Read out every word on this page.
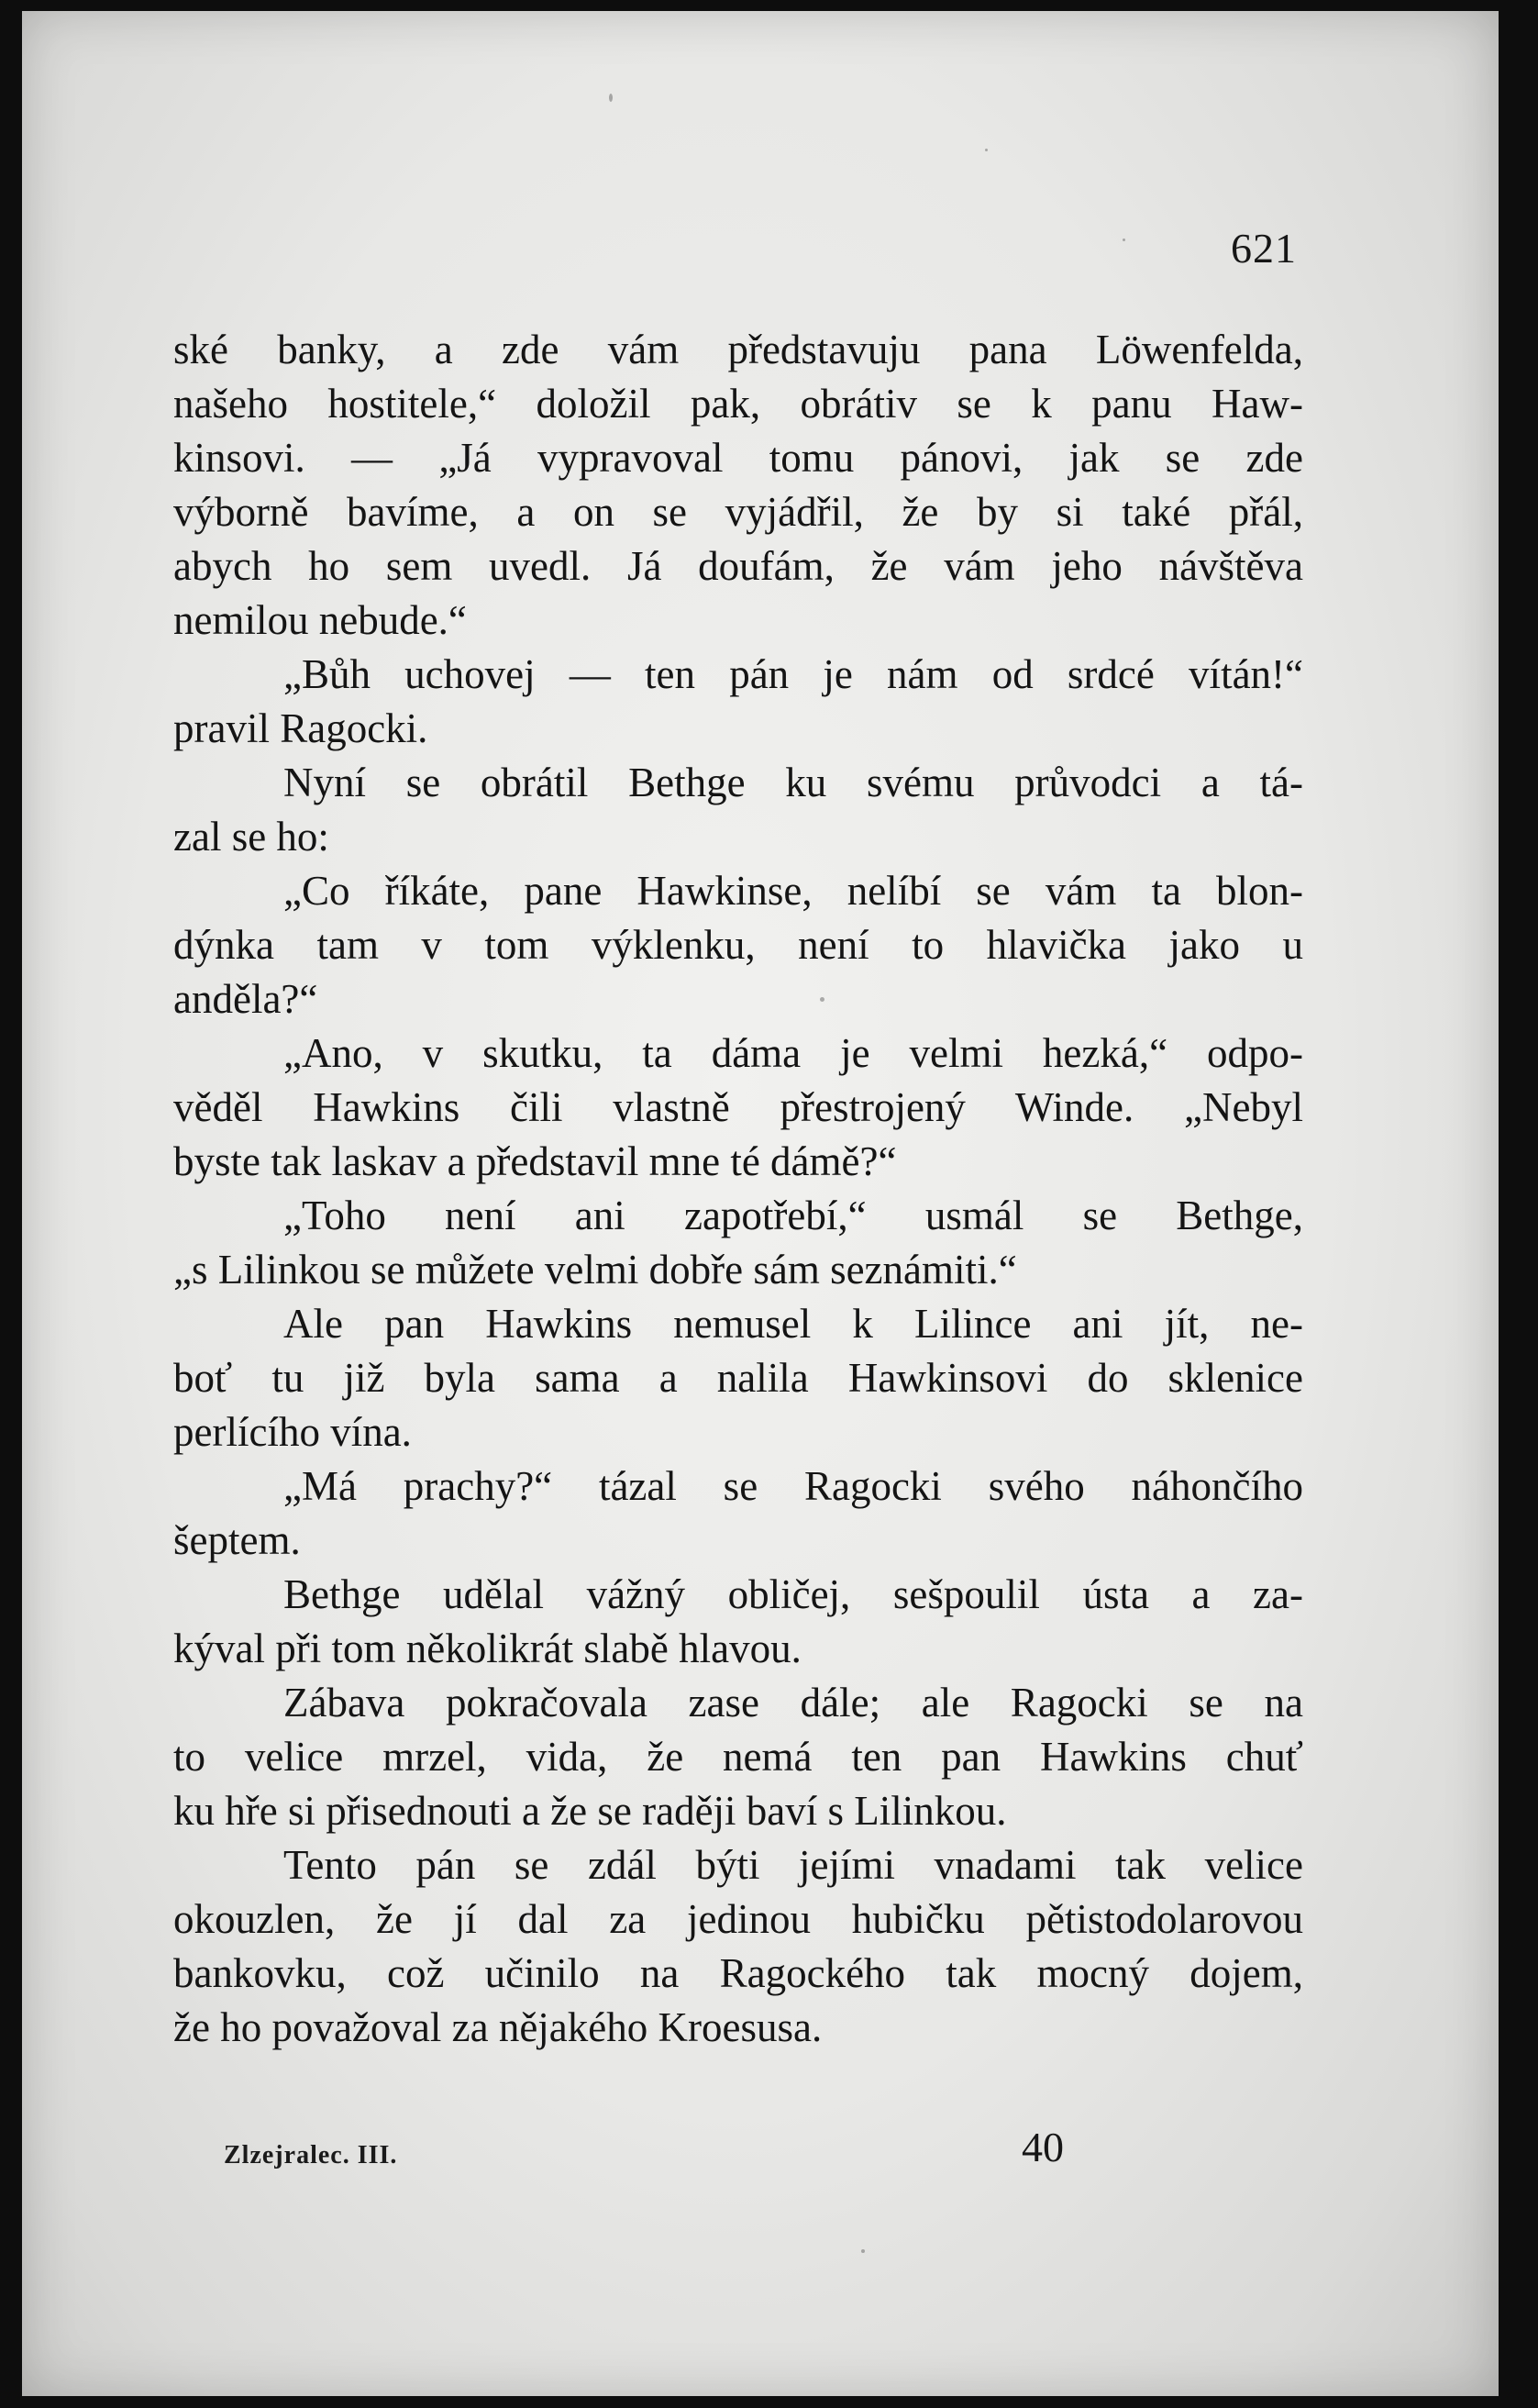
621
ské banky, a zde vám představuju pana Löwenfelda,
našeho hostitele,“ doložil pak, obrátiv se k panu Haw-
kinsovi. — „Já vypravoval tomu pánovi, jak se zde
výborně bavíme, a on se vyjádřil, že by si také přál,
abych ho sem uvedl. Já doufám, že vám jeho návštěva
nemilou nebude.“
„Bůh uchovej — ten pán je nám od srdcé vítán!“
pravil Ragocki.
Nyní se obrátil Bethge ku svému průvodci a tá-
zal se ho:
„Co říkáte, pane Hawkinse, nelíbí se vám ta blon-
dýnka tam v tom výklenku, není to hlavička jako u
anděla?“
„Ano, v skutku, ta dáma je velmi hezká,“ odpo-
věděl Hawkins čili vlastně přestrojený Winde. „Nebyl
byste tak laskav a představil mne té dámě?“
„Toho není ani zapotřebí,“ usmál se Bethge,
„s Lilinkou se můžete velmi dobře sám seznámiti.“
Ale pan Hawkins nemusel k Lilince ani jít, ne-
boť tu již byla sama a nalila Hawkinsovi do sklenice
perlícího vína.
„Má prachy?“ tázal se Ragocki svého náhončího
šeptem.
Bethge udělal vážný obličej, sešpoulil ústa a za-
kýval při tom několikrát slabě hlavou.
Zábava pokračovala zase dále; ale Ragocki se na
to velice mrzel, vida, že nemá ten pan Hawkins chuť
ku hře si přisednouti a že se raději baví s Lilinkou.
Tento pán se zdál býti jejími vnadami tak velice
okouzlen, že jí dal za jedinou hubičku pětistodolarovou
bankovku, což učinilo na Ragockého tak mocný dojem,
že ho považoval za nějakého Kroesusa.
Zlzejralec. III.	40
